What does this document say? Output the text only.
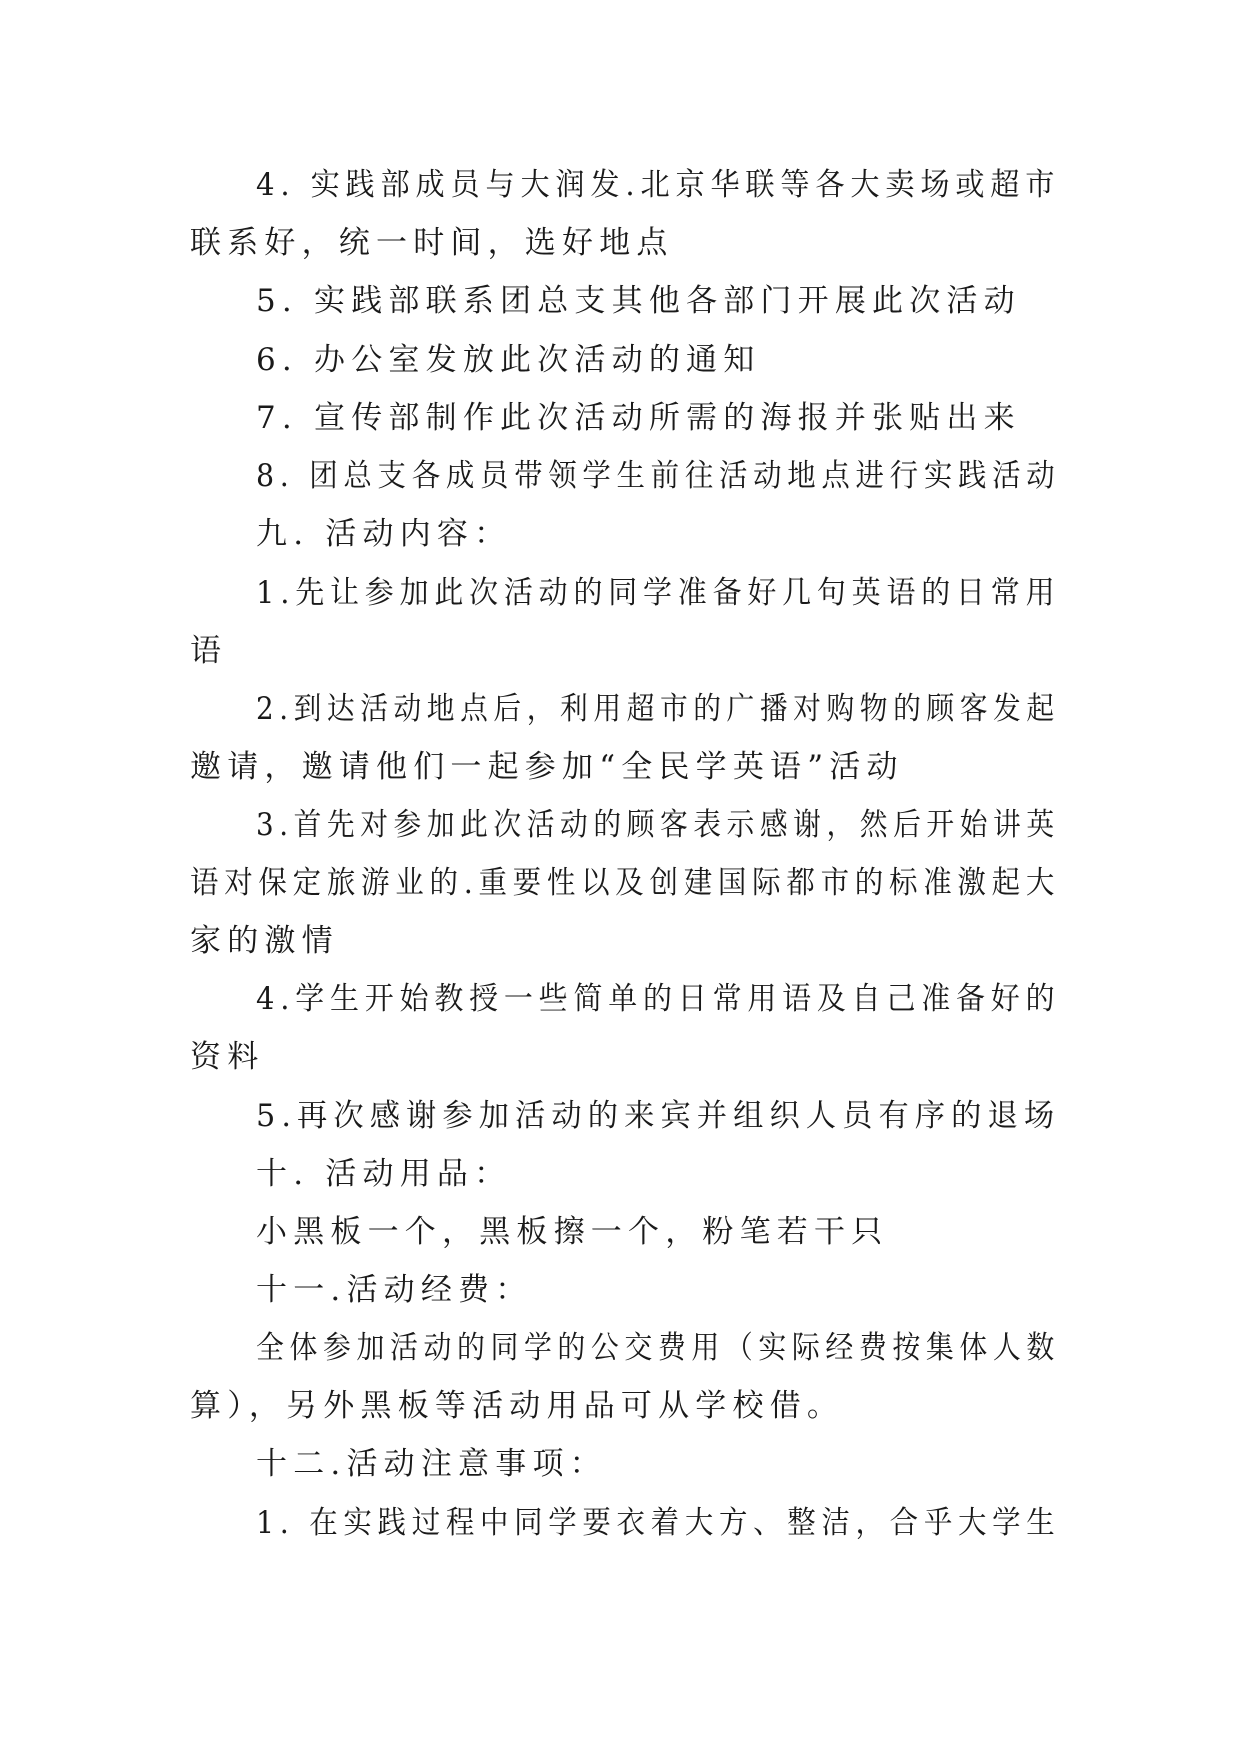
4. 实践部成员与大润发.北京华联等各大卖场或超市
联系好，统一时间，选好地点
5. 实践部联系团总支其他各部门开展此次活动
6. 办公室发放此次活动的通知
7. 宣传部制作此次活动所需的海报并张贴出来
8. 团总支各成员带领学生前往活动地点进行实践活动
九. 活动内容：
1.先让参加此次活动的同学准备好几句英语的日常用
语
2.到达活动地点后，利用超市的广播对购物的顾客发起
邀请，邀请他们一起参加“全民学英语”活动
3.首先对参加此次活动的顾客表示感谢，然后开始讲英
语对保定旅游业的.重要性以及创建国际都市的标准激起大
家的激情
4.学生开始教授一些简单的日常用语及自己准备好的
资料
5.再次感谢参加活动的来宾并组织人员有序的退场
十. 活动用品：
小黑板一个，黑板擦一个，粉笔若干只
十一.活动经费：
全体参加活动的同学的公交费用（实际经费按集体人数
算），另外黑板等活动用品可从学校借。
十二.活动注意事项：
1. 在实践过程中同学要衣着大方、整洁，合乎大学生
